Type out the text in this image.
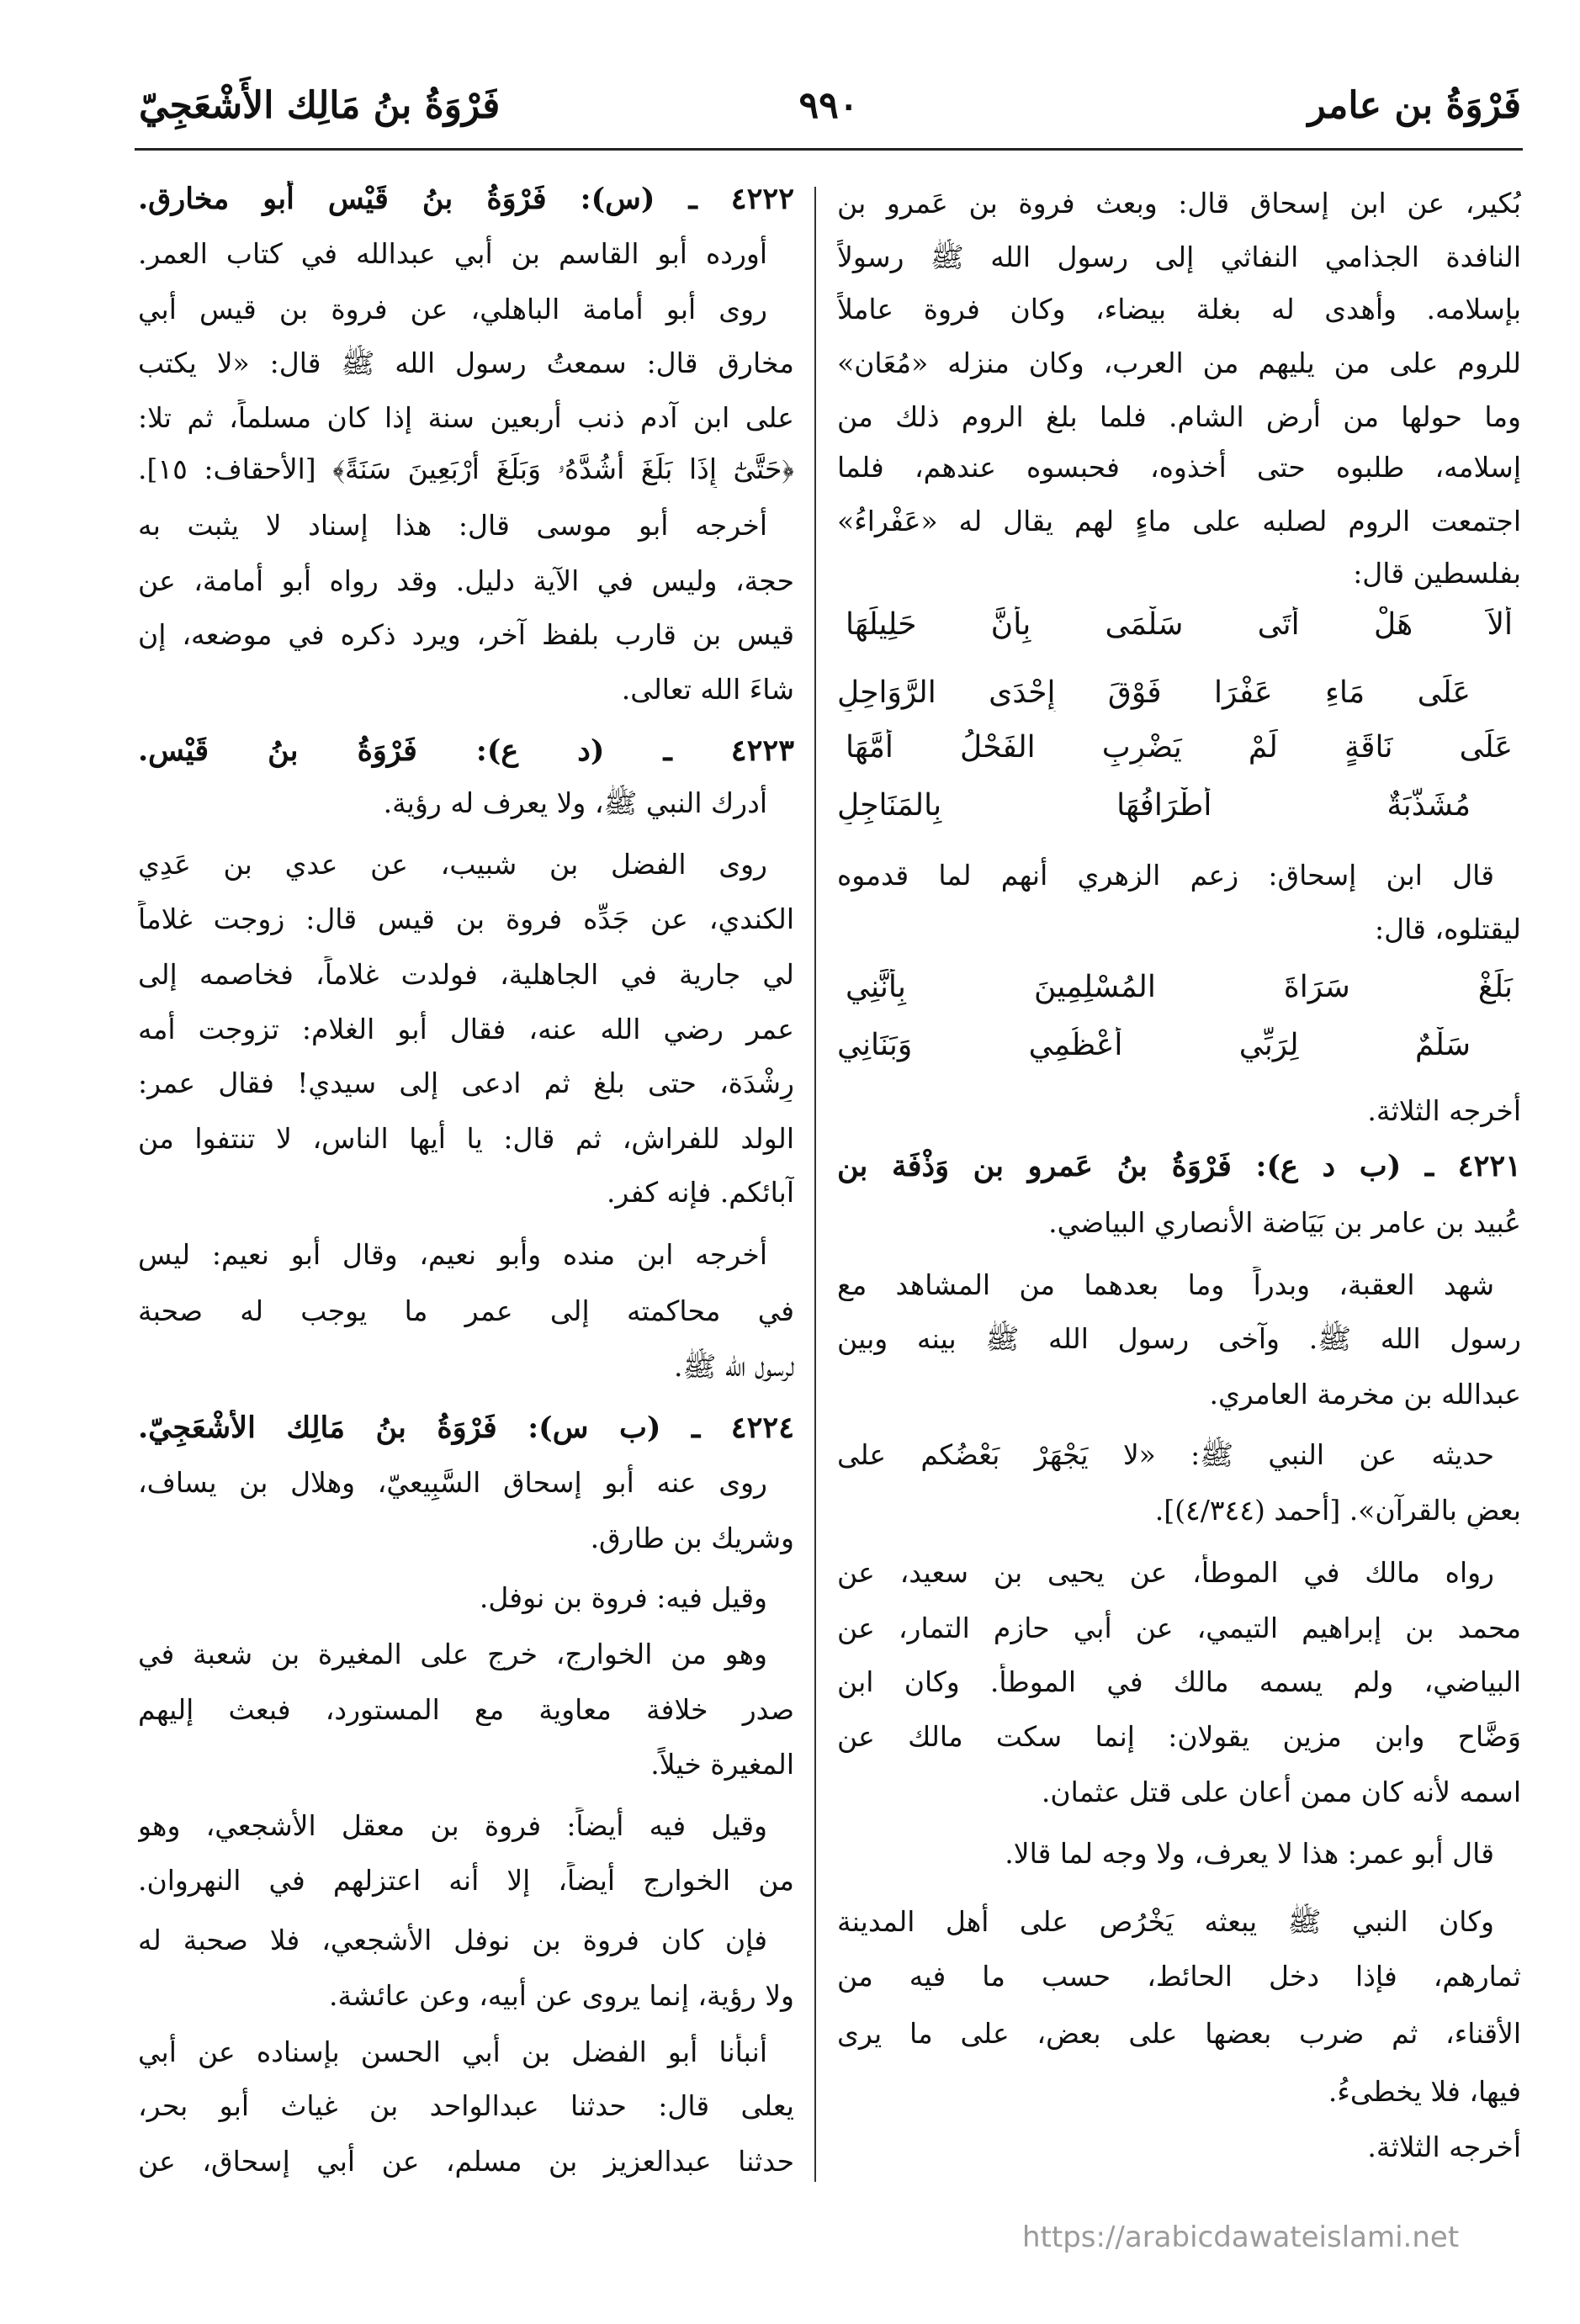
فَرْوَةُ بن عامر
٩٩٠
فَرْوَةُ بنُ مَالِك الأَشْعَجِيّ
بُكير، عن ابن إسحاق قال: وبعث فروة بن عَمرو بن
النافدة الجذامي النفاثي إلى رسول الله ﷺ رسولاً
بإسلامه. وأهدى له بغلة بيضاء، وكان فروة عاملاً
للروم على من يليهم من العرب، وكان منزله «مُعَان»
وما حولها من أرض الشام. فلما بلغ الروم ذلك من
إسلامه، طلبوه حتى أخذوه، فحبسوه عندهم، فلما
اجتمعت الروم لصلبه على ماءٍ لهم يقال له «عَفْراءُ»
بفلسطين قال:
ألاَ هَلْ أَتَى سَلْمَى بِأَنَّ حَلِيلَهَا
عَلَى مَاءِ عَفْرَا فَوْقَ إِحْدَى الرَّوَاحِلِ
عَلَى نَاقَةٍ لَمْ يَضْرِبِ الفَحْلُ أُمَّهَا
مُشَذَّبَةٌ أَطْرَافُهَا بِالمَنَاجِلِ
قال ابن إسحاق: زعم الزهري أنهم لما قدموه
ليقتلوه، قال:
بَلِّغْ سَرَاةَ المُسْلِمِينَ بِأَنَّنِي
سَلْمٌ لِرَبِّي أَعْظُمِي وَبَنَانِي
أخرجه الثلاثة.
٤٢٢١ ـ (ب د ع): فَرْوَةُ بنُ عَمرو بن وَذْفَة بن
عُبيد بن عامر بن بَيَاضة الأنصاري البياضي.
شهد العقبة، وبدراً وما بعدهما من المشاهد مع
رسول الله ﷺ. وآخى رسول الله ﷺ بينه وبين
عبدالله بن مخرمة العامري.
حديثه عن النبي ﷺ: «لا يَجْهَرْ بَعْضُكم على
بعضٍ بالقرآن». [أحمد (٤/٣٤٤)].
رواه مالك في الموطأ، عن يحيى بن سعيد، عن
محمد بن إبراهيم التيمي، عن أبي حازم التمار، عن
البياضي، ولم يسمه مالك في الموطأ. وكان ابن
وَضَّاح وابن مزين يقولان: إنما سكت مالك عن
اسمه لأنه كان ممن أعان على قتل عثمان.
قال أبو عمر: هذا لا يعرف، ولا وجه لما قالا.
وكان النبي ﷺ يبعثه يَخْرُص على أهل المدينة
ثمارهم، فإذا دخل الحائط، حسب ما فيه من
الأقناء، ثم ضرب بعضها على بعض، على ما يرى
فيها، فلا يخطىءُ.
أخرجه الثلاثة.
٤٢٢٢ ـ (س): فَرْوَةُ بنُ قَيْس أبو مخارق.
أورده أبو القاسم بن أبي عبدالله في كتاب العمر.
روى أبو أُمامة الباهلي، عن فروة بن قيس أبي
مخارق قال: سمعتُ رسول الله ﷺ قال: «لا يكتب
على ابن آدم ذنب أربعين سنة إذا كان مسلماً، ثم تلا:
﴿حَتَّىٰٓ إِذَا بَلَغَ أَشُدَّهُۥ وَبَلَغَ أَرْبَعِينَ سَنَةً﴾ [الأحقاف: ١٥].
أخرجه أبو موسى قال: هذا إسناد لا يثبت به
حجة، وليس في الآية دليل. وقد رواه أبو أُمامة، عن
قيس بن قارب بلفظ آخر، ويرد ذكره في موضعه، إن
شاءَ الله تعالى.
٤٢٢٣ ـ (د ع): فَرْوَةُ بنُ قَيْس.
أدرك النبي ﷺ، ولا يعرف له رؤية.
روى الفضل بن شبيب، عن عدي بن عَدِي
الكندي، عن جَدِّه فروة بن قيس قال: زوجت غلاماً
لي جارية في الجاهلية، فولدت غلاماً، فخاصمه إلى
عمر رضي الله عنه، فقال أبو الغلام: تزوجت أمه
رِشْدَة، حتى بلغ ثم ادعى إلى سيدي! فقال عمر:
الولد للفراش، ثم قال: يا أيها الناس، لا تنتفوا من
آبائكم. فإنه كفر.
أخرجه ابن منده وأبو نعيم، وقال أبو نعيم: ليس
في محاكمته إلى عمر ما يوجب له صحبة
لرسول الله ﷺ.
٤٢٢٤ ـ (ب س): فَرْوَةُ بنُ مَالِك الأَشْعَجِيّ.
روى عنه أبو إسحاق السَّبِيعيّ، وهلال بن يساف،
وشريك بن طارق.
وقيل فيه: فروة بن نوفل.
وهو من الخوارج، خرج على المغيرة بن شعبة في
صدر خلافة معاوية مع المستورد، فبعث إليهم
المغيرة خيلاً.
وقيل فيه أيضاً: فروة بن معقل الأشجعي، وهو
من الخوارج أيضاً، إلا أنه اعتزلهم في النهروان.
فإن كان فروة بن نوفل الأشجعي، فلا صحبة له
ولا رؤية، إنما يروى عن أبيه، وعن عائشة.
أنبأنا أبو الفضل بن أبي الحسن بإسناده عن أبي
يعلى قال: حدثنا عبدالواحد بن غياث أبو بحر،
حدثنا عبدالعزيز بن مسلم، عن أبي إسحاق، عن
https://arabicdawateislami.net
